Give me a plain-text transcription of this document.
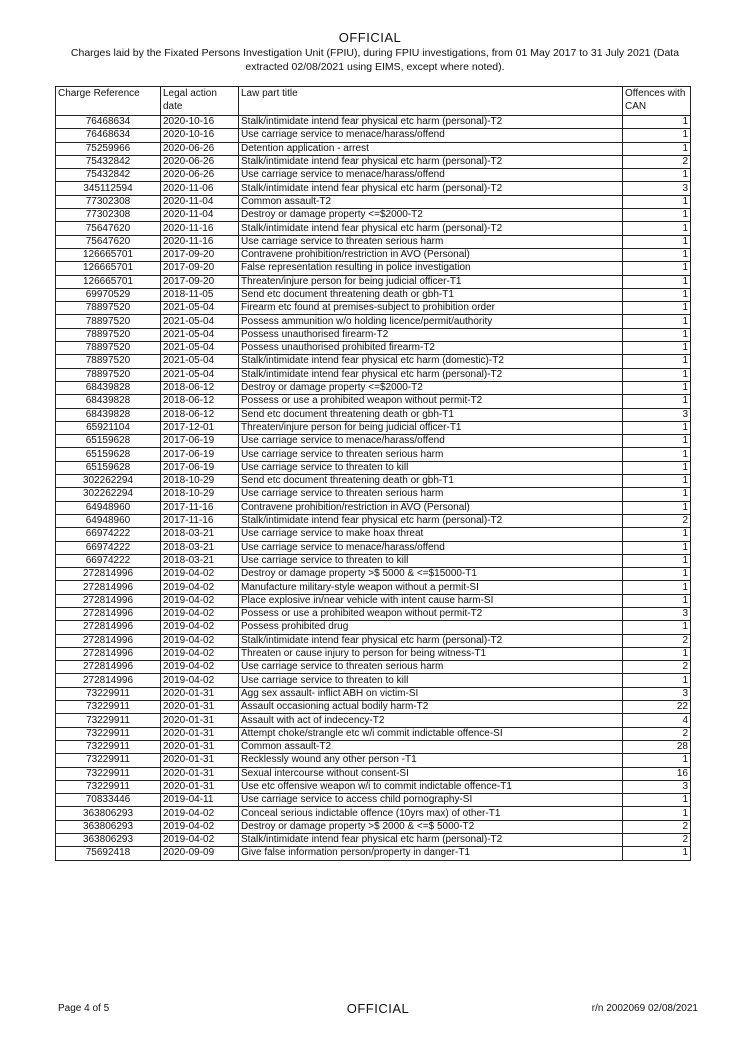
OFFICIAL
Charges laid by the Fixated Persons Investigation Unit (FPIU), during FPIU investigations, from 01 May 2017 to 31 July 2021 (Data extracted 02/08/2021 using EIMS, except where noted).
Charge Reference	Legal action date	Law part title	Offences with CAN
76468634	2020-10-16	Stalk/intimidate intend fear physical etc harm (personal)-T2	1
76468634	2020-10-16	Use carriage service to menace/harass/offend	1
75259966	2020-06-26	Detention application - arrest	1
75432842	2020-06-26	Stalk/intimidate intend fear physical etc harm (personal)-T2	2
75432842	2020-06-26	Use carriage service to menace/harass/offend	1
345112594	2020-11-06	Stalk/intimidate intend fear physical etc harm (personal)-T2	3
77302308	2020-11-04	Common assault-T2	1
77302308	2020-11-04	Destroy or damage property <=$2000-T2	1
75647620	2020-11-16	Stalk/intimidate intend fear physical etc harm (personal)-T2	1
75647620	2020-11-16	Use carriage service to threaten serious harm	1
126665701	2017-09-20	Contravene prohibition/restriction in AVO (Personal)	1
126665701	2017-09-20	False representation resulting in police investigation	1
126665701	2017-09-20	Threaten/injure person for being judicial officer-T1	1
69970529	2018-11-05	Send etc document threatening death or gbh-T1	1
78897520	2021-05-04	Firearm etc found at premises-subject to prohibition order	1
78897520	2021-05-04	Possess ammunition w/o holding licence/permit/authority	1
78897520	2021-05-04	Possess unauthorised firearm-T2	1
78897520	2021-05-04	Possess unauthorised prohibited firearm-T2	1
78897520	2021-05-04	Stalk/intimidate intend fear physical etc harm (domestic)-T2	1
78897520	2021-05-04	Stalk/intimidate intend fear physical etc harm (personal)-T2	1
68439828	2018-06-12	Destroy or damage property <=$2000-T2	1
68439828	2018-06-12	Possess or use a prohibited weapon without permit-T2	1
68439828	2018-06-12	Send etc document threatening death or gbh-T1	3
65921104	2017-12-01	Threaten/injure person for being judicial officer-T1	1
65159628	2017-06-19	Use carriage service to menace/harass/offend	1
65159628	2017-06-19	Use carriage service to threaten serious harm	1
65159628	2017-06-19	Use carriage service to threaten to kill	1
302262294	2018-10-29	Send etc document threatening death or gbh-T1	1
302262294	2018-10-29	Use carriage service to threaten serious harm	1
64948960	2017-11-16	Contravene prohibition/restriction in AVO (Personal)	1
64948960	2017-11-16	Stalk/intimidate intend fear physical etc harm (personal)-T2	2
66974222	2018-03-21	Use carriage service to make hoax threat	1
66974222	2018-03-21	Use carriage service to menace/harass/offend	1
66974222	2018-03-21	Use carriage service to threaten to kill	1
272814996	2019-04-02	Destroy or damage property >$ 5000 & <=$15000-T1	1
272814996	2019-04-02	Manufacture military-style weapon without a permit-SI	1
272814996	2019-04-02	Place explosive in/near vehicle with intent cause harm-SI	1
272814996	2019-04-02	Possess or use a prohibited weapon without permit-T2	3
272814996	2019-04-02	Possess prohibited drug	1
272814996	2019-04-02	Stalk/intimidate intend fear physical etc harm (personal)-T2	2
272814996	2019-04-02	Threaten or cause injury to person for being witness-T1	1
272814996	2019-04-02	Use carriage service to threaten serious harm	2
272814996	2019-04-02	Use carriage service to threaten to kill	1
73229911	2020-01-31	Agg sex assault- inflict ABH on victim-SI	3
73229911	2020-01-31	Assault occasioning actual bodily harm-T2	22
73229911	2020-01-31	Assault with act of indecency-T2	4
73229911	2020-01-31	Attempt choke/strangle etc w/i commit indictable offence-SI	2
73229911	2020-01-31	Common assault-T2	28
73229911	2020-01-31	Recklessly wound any other person -T1	1
73229911	2020-01-31	Sexual intercourse without consent-SI	16
73229911	2020-01-31	Use etc offensive weapon w/i to commit indictable offence-T1	3
70833446	2019-04-11	Use carriage service to access child pornography-SI	1
363806293	2019-04-02	Conceal serious indictable offence (10yrs max) of other-T1	1
363806293	2019-04-02	Destroy or damage property >$ 2000 & <=$ 5000-T2	2
363806293	2019-04-02	Stalk/intimidate intend fear physical etc harm (personal)-T2	2
75692418	2020-09-09	Give false information person/property in danger-T1	1
Page 4 of 5	OFFICIAL	r/n 2002069 02/08/2021
